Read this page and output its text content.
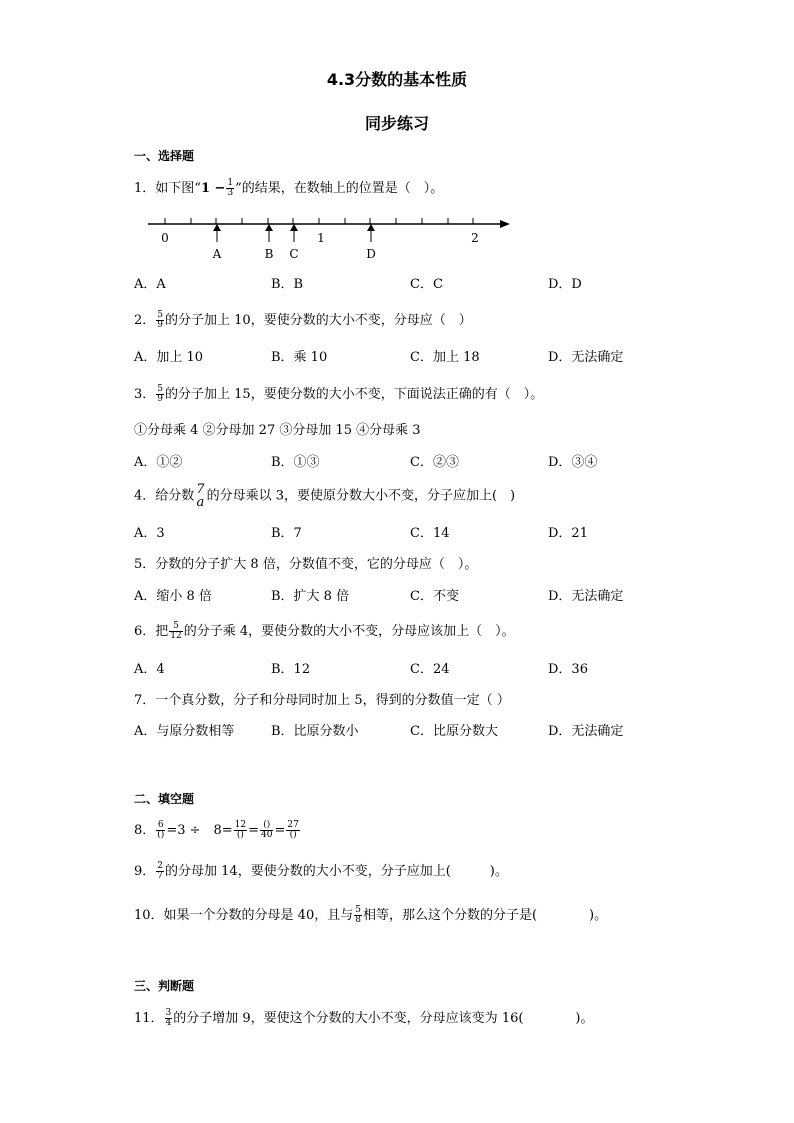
4.3分数的基本性质
同步练习
一、选择题
1．如下图“$1 - \frac{1}{3}$ ”的结果，在数轴上的位置是（　）。
0	1	2
A	B C	D
A．A	B．B	C．C	D．D
2． $\frac{5}{9}$ 的分子加上 10，要使分数的大小不变，分母应（　）
A．加上 10	B．乘 10	C．加上 18	D．无法确定
3． $\frac{5}{9}$ 的分子加上 15，要使分数的大小不变，下面说法正确的有（　）。
①分母乘 4 ②分母加 27 ③分母加 15 ④分母乘 3
A．①②	B．①③	C．②③	D．③④
4．给分数 7
a 的分母乘以 3，要使原分数大小不变，分子应加上(　)
A．3	B．7	C．14	D．21
5．分数的分子扩大 8 倍，分数值不变，它的分母应（　）。
A．缩小 8 倍	B．扩大 8 倍	C．不变	D．无法确定
6．把 $\frac{5}{12}$ 的分子乘 4，要使分数的大小不变，分母应该加上（　）。
A．4	B．12	C．24	D．36
7．一个真分数，分子和分母同时加上 5，得到的分数值一定（ ）
A．与原分数相等	B．比原分数小	C．比原分数大	D．无法确定
二、填空题
8． $\frac{6}{()} =3$ ÷　$8= \frac{12}{()} = \frac{()}{40} = \frac{27}{()}$
9． $\frac{2}{7}$ 的分母加 14，要使分数的大小不变，分子应加上(　　　)。
10．如果一个分数的分母是 40，且与 $\frac{5}{8}$ 相等，那么这个分数的分子是(　　　　)。
三、判断题
11． $\frac{3}{4}$ 的分子增加 9，要使这个分数的大小不变，分母应该变为 16(　　　　)。
